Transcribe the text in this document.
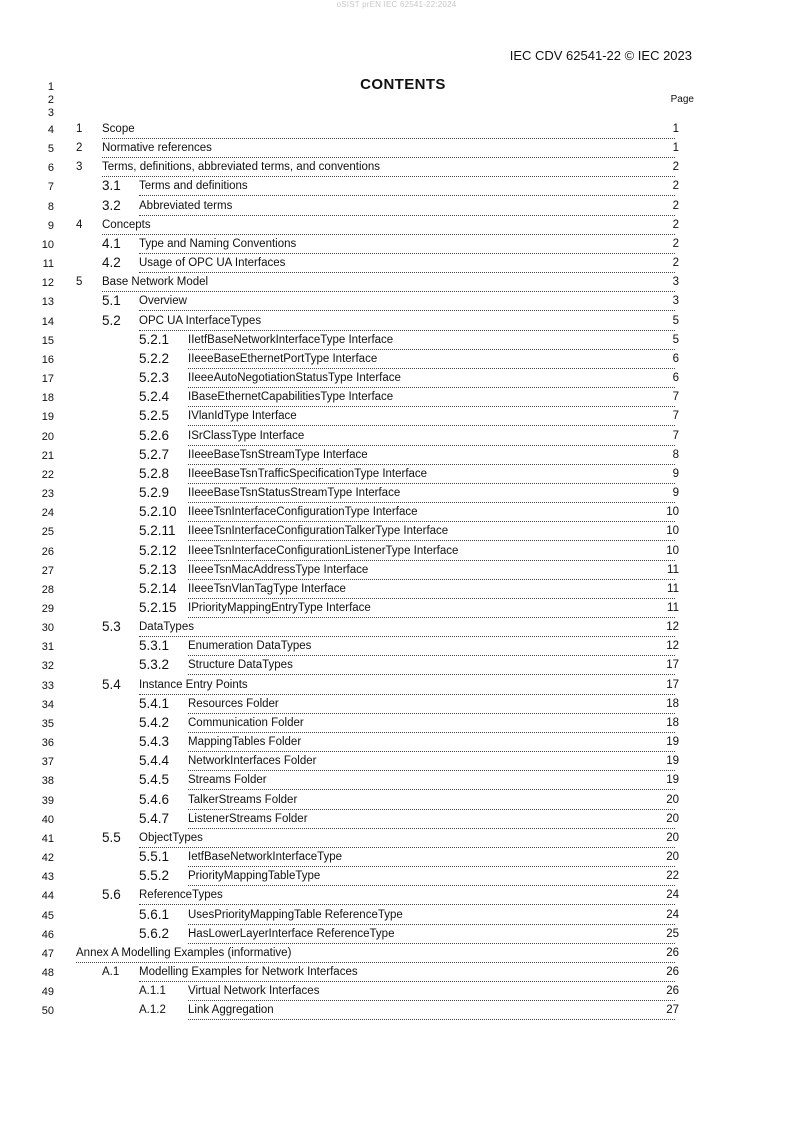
oSIST prEN IEC 62541-22:2024
IEC CDV 62541-22 © IEC 2023
CONTENTS
Page
1
2
3
4 1 Scope	1
5 2 Normative references	1
6 3 Terms, definitions, abbreviated terms, and conventions	2
7	3.1 Terms and definitions	2
8	3.2 Abbreviated terms	2
9 4 Concepts	2
10	4.1 Type and Naming Conventions	2
11	4.2 Usage of OPC UA Interfaces	2
12 5 Base Network Model	3
13	5.1 Overview	3
14	5.2 OPC UA InterfaceTypes	5
15	5.2.1 IIetfBaseNetworkInterfaceType Interface	5
16	5.2.2 IIeeeBaseEthernetPortType Interface	6
17	5.2.3 IIeeeAutoNegotiationStatusType Interface	6
18	5.2.4 IBaseEthernetCapabilitiesType Interface	7
19	5.2.5 IVlanIdType Interface	7
20	5.2.6 ISrClassType Interface	7
21	5.2.7 IIeeeBaseTsnStreamType Interface	8
22	5.2.8 IIeeeBaseTsnTrafficSpecificationType Interface	9
23	5.2.9 IIeeeBaseTsnStatusStreamType Interface	9
24	5.2.10 IIeeeTsnInterfaceConfigurationType Interface	10
25	5.2.11 IIeeeTsnInterfaceConfigurationTalkerType Interface	10
26	5.2.12 IIeeeTsnInterfaceConfigurationListenerType Interface	10
27	5.2.13 IIeeeTsnMacAddressType Interface	11
28	5.2.14 IIeeeTsnVlanTagType Interface	11
29	5.2.15 IPriorityMappingEntryType Interface	11
30	5.3 DataTypes	12
31	5.3.1 Enumeration DataTypes	12
32	5.3.2 Structure DataTypes	17
33	5.4 Instance Entry Points	17
34	5.4.1 Resources Folder	18
35	5.4.2 Communication Folder	18
36	5.4.3 MappingTables Folder	19
37	5.4.4 NetworkInterfaces Folder	19
38	5.4.5 Streams Folder	19
39	5.4.6 TalkerStreams Folder	20
40	5.4.7 ListenerStreams Folder	20
41	5.5 ObjectTypes	20
42	5.5.1 IetfBaseNetworkInterfaceType	20
43	5.5.2 PriorityMappingTableType	22
44	5.6 ReferenceTypes	24
45	5.6.1 UsesPriorityMappingTable ReferenceType	24
46	5.6.2 HasLowerLayerInterface ReferenceType	25
47 Annex A Modelling Examples (informative)	26
48	A.1 Modelling Examples for Network Interfaces	26
49	A.1.1 Virtual Network Interfaces	26
50	A.1.2 Link Aggregation	27
